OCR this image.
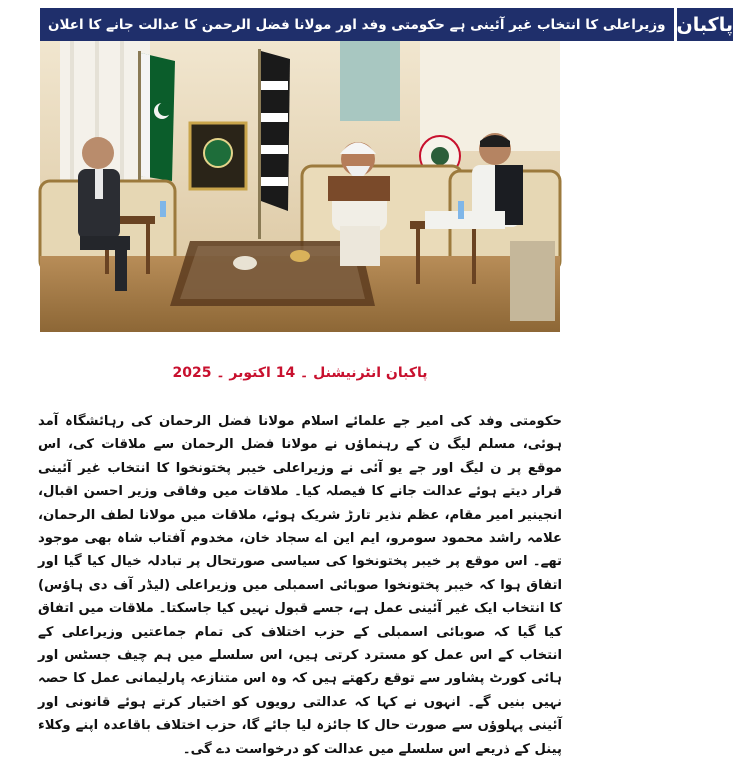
وزیراعلی کا انتخاب غیر آئینی ہے حکومتی وفد اور مولانا فضل الرحمن کا عدالت جانے کا اعلان پاکبان
پاکبان انٹرنیشنل ۔ 14 اکتوبر ۔ 2025
حکومتی وفد کی امیر جے علمائے اسلام مولانا فضل الرحمان کی رہائشگاہ آمد ہوئی، مسلم لیگ ن کے رہنماؤں نے مولانا فضل الرحمان سے ملاقات کی، اس موقع پر ن لیگ اور جے یو آئی نے وزیراعلی خیبر پختونخوا کا انتخاب غیر آئینی قرار دیتے ہوئے عدالت جانے کا فیصلہ کیا۔ ملاقات میں وفاقی وزیر احسن اقبال، انجینیر امیر مقام، عظم نذیر تارڑ شریک ہوئے، ملاقات میں مولانا لطف الرحمان، علامہ راشد محمود سومرو، ایم این اے سجاد خان، مخدوم آفتاب شاہ بھی موجود تھے۔ اس موقع پر خیبر پختونخوا کی سیاسی صورتحال پر تبادلہ خیال کیا گیا اور اتفاق ہوا کہ خیبر پختونخوا صوبائی اسمبلی میں وزیراعلی (لیڈر آف دی ہاؤس) کا انتخاب ایک غیر آئینی عمل ہے، جسے قبول نہیں کیا جاسکتا۔ ملاقات میں اتفاق کیا گیا کہ صوبائی اسمبلی کے حزب اختلاف کی تمام جماعتیں وزیراعلی کے انتخاب کے اس عمل کو مسترد کرتی ہیں، اس سلسلے میں ہم چیف جسٹس اور ہائی کورٹ پشاور سے توقع رکھتے ہیں کہ وہ اس متنازعہ پارلیمانی عمل کا حصہ نہیں بنیں گے۔ انہوں نے کہا کہ عدالتی رویوں کو اختیار کرتے ہوئے قانونی اور آئینی پہلوؤں سے صورت حال کا جائزہ لیا جائے گا، حزب اختلاف باقاعدہ اپنے وکلاء پینل کے ذریعے اس سلسلے میں عدالت کو درخواست دے گی۔
